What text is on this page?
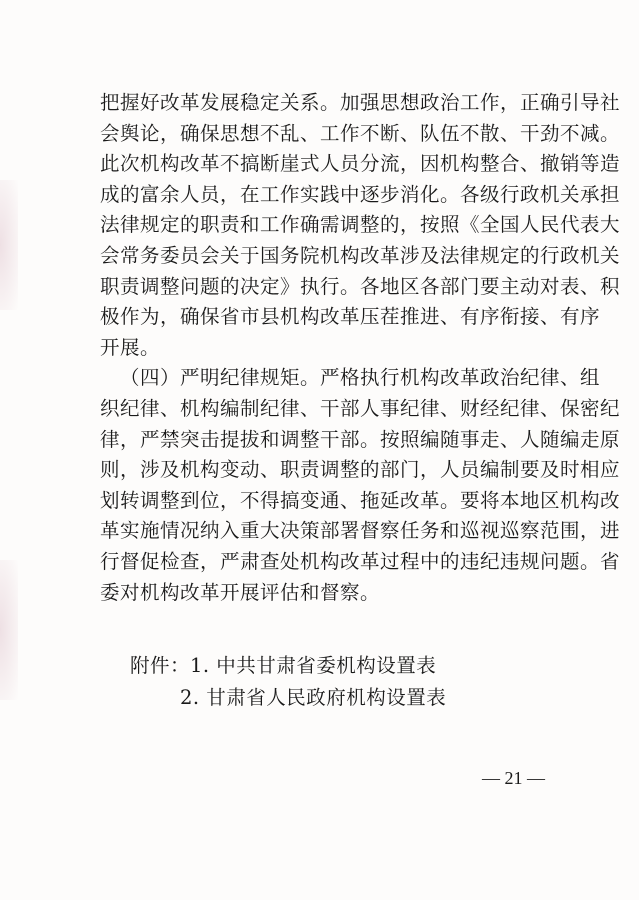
把握好改革发展稳定关系。加强思想政治工作，正确引导社
会舆论，确保思想不乱、工作不断、队伍不散、干劲不减。
此次机构改革不搞断崖式人员分流，因机构整合、撤销等造
成的富余人员，在工作实践中逐步消化。各级行政机关承担
法律规定的职责和工作确需调整的，按照《全国人民代表大
会常务委员会关于国务院机构改革涉及法律规定的行政机关
职责调整问题的决定》执行。各地区各部门要主动对表、积
极作为，确保省市县机构改革压茬推进、有序衔接、有序
开展。
（四）严明纪律规矩。严格执行机构改革政治纪律、组
织纪律、机构编制纪律、干部人事纪律、财经纪律、保密纪
律，严禁突击提拔和调整干部。按照编随事走、人随编走原
则，涉及机构变动、职责调整的部门，人员编制要及时相应
划转调整到位，不得搞变通、拖延改革。要将本地区机构改
革实施情况纳入重大决策部署督察任务和巡视巡察范围，进
行督促检查，严肃查处机构改革过程中的违纪违规问题。省
委对机构改革开展评估和督察。
附件：1. 中共甘肃省委机构设置表
2. 甘肃省人民政府机构设置表
— 21 —
